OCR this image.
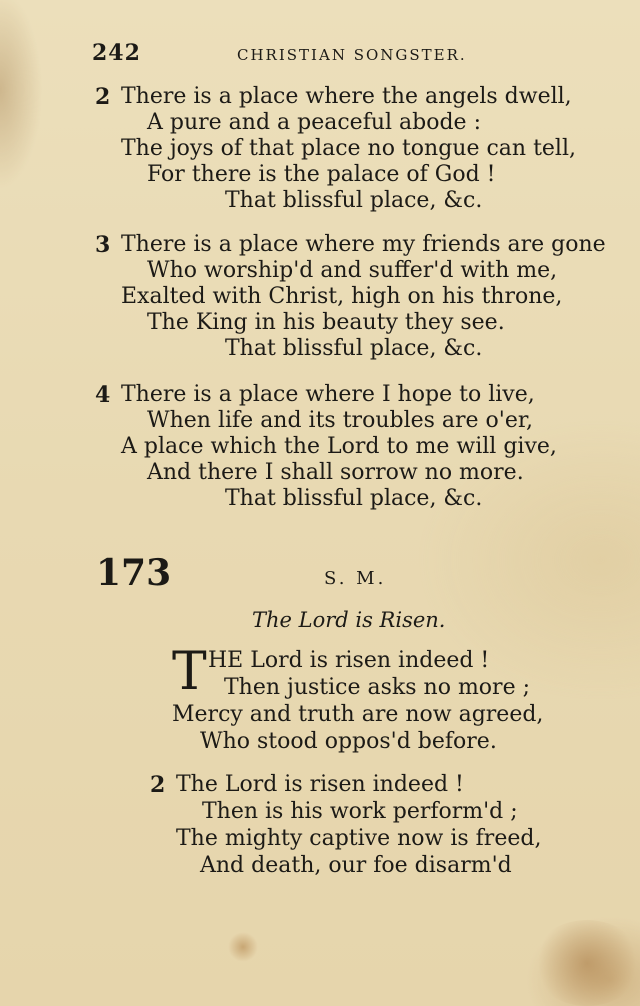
242	CHRISTIAN SONGSTER.
2 There is a place where the angels dwell,
A pure and a peaceful abode :
The joys of that place no tongue can tell,
For there is the palace of God !
That blissful place, &c.
3 There is a place where my friends are gone
Who worship'd and suffer'd with me,
Exalted with Christ, high on his throne,
The King in his beauty they see.
That blissful place, &c.
4 There is a place where I hope to live,
When life and its troubles are o'er,
A place which the Lord to me will give,
And there I shall sorrow no more.
That blissful place, &c.
173	S. M.
The Lord is Risen.
T HE Lord is risen indeed !
Then justice asks no more ;
Mercy and truth are now agreed,
Who stood oppos'd before.
2 The Lord is risen indeed !
Then is his work perform'd ;
The mighty captive now is freed,
And death, our foe disarm'd
